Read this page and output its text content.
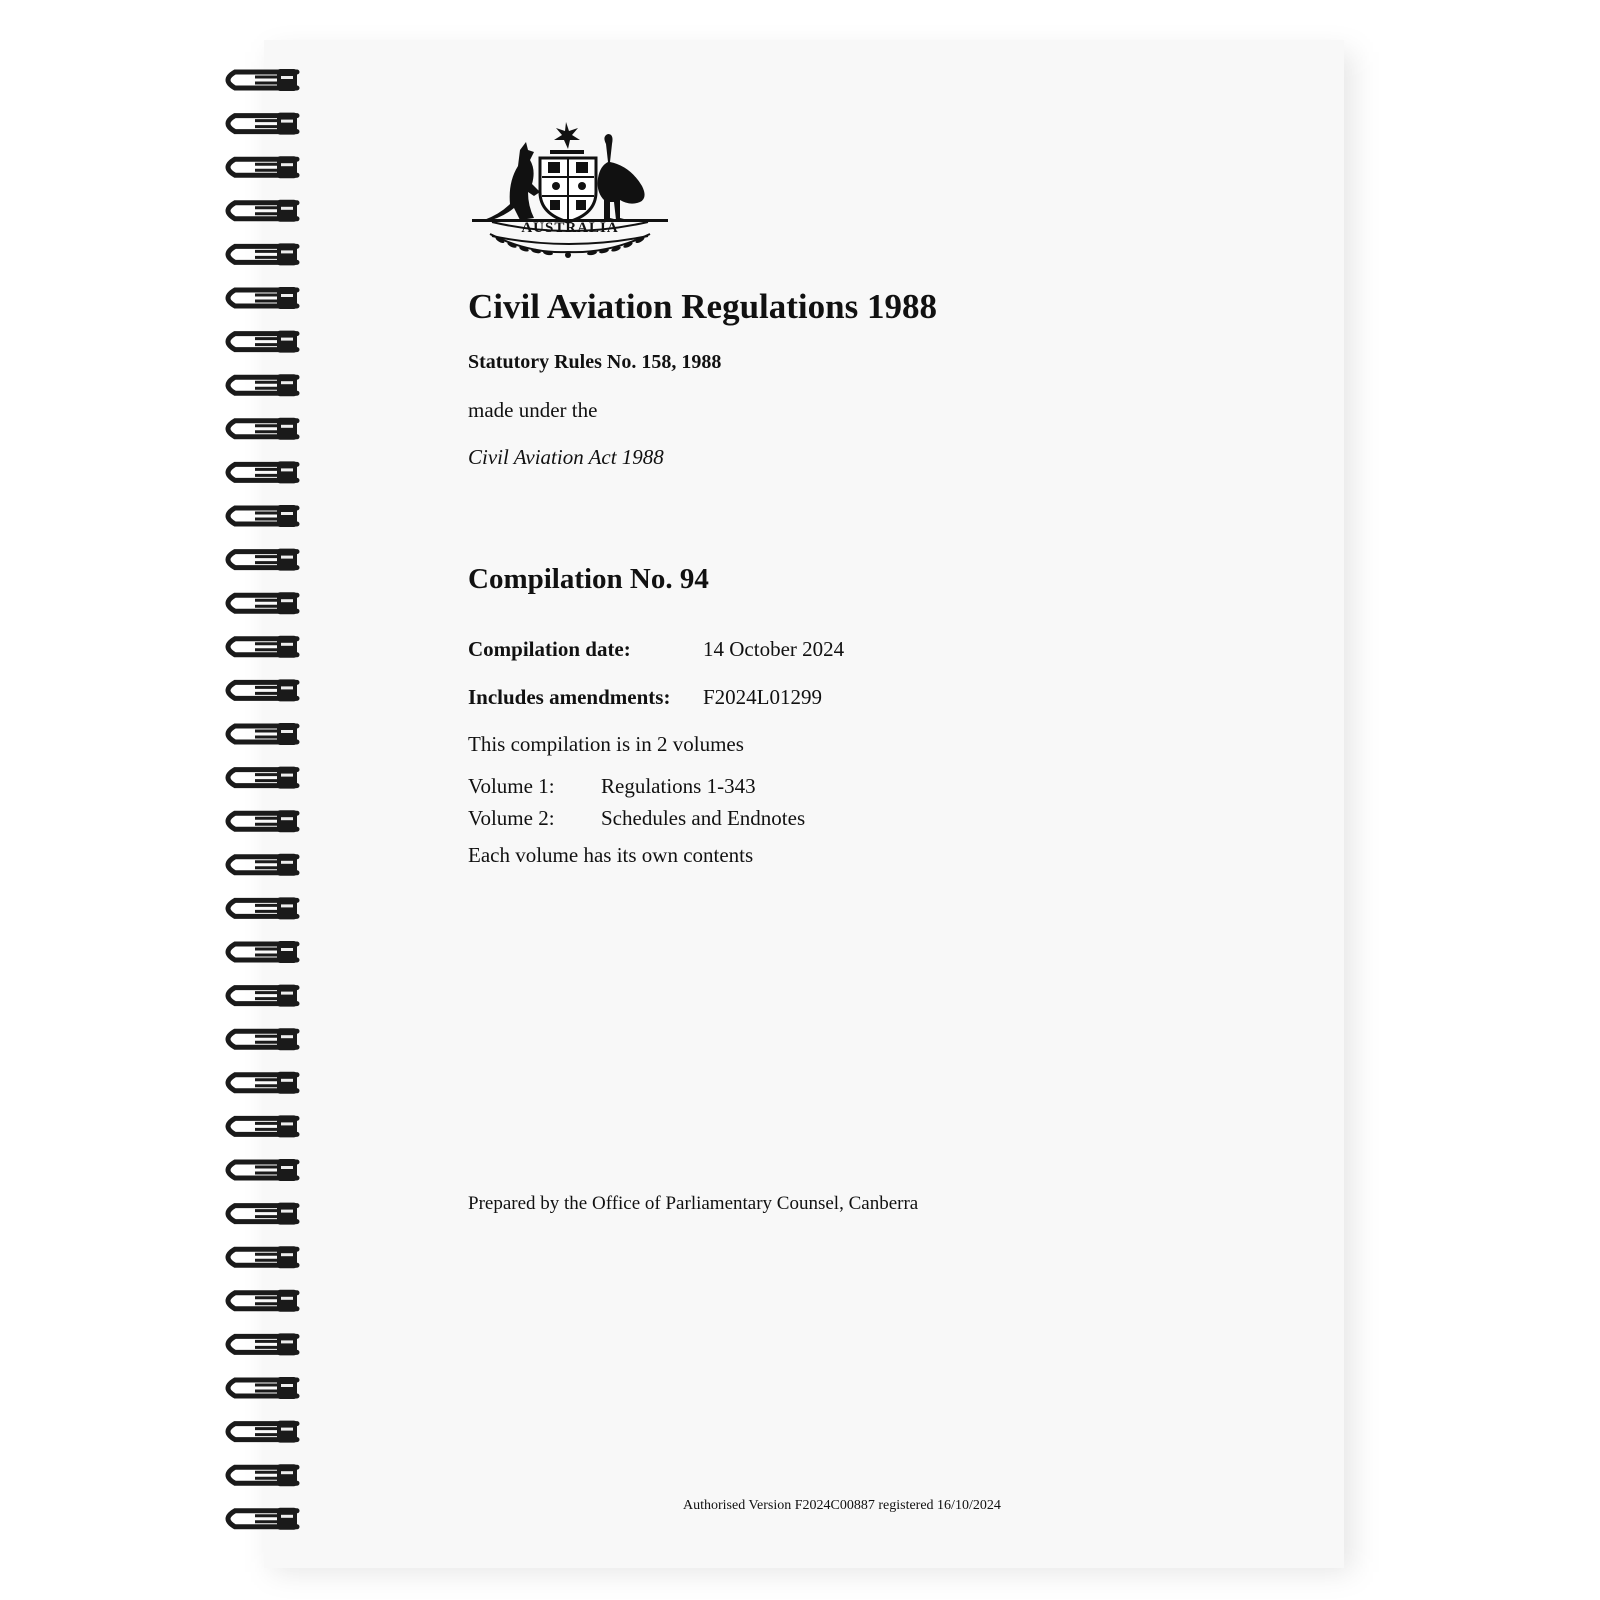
AUSTRALIA
Civil Aviation Regulations 1988
Statutory Rules No. 158, 1988
made under the
Civil Aviation Act 1988
Compilation No. 94
Compilation date:	14 October 2024
Includes amendments: F2024L01299
This compilation is in 2 volumes
Volume 1: Regulations 1-343
Volume 2: Schedules and Endnotes
Each volume has its own contents
Prepared by the Office of Parliamentary Counsel, Canberra
Authorised Version F2024C00887 registered 16/10/2024
